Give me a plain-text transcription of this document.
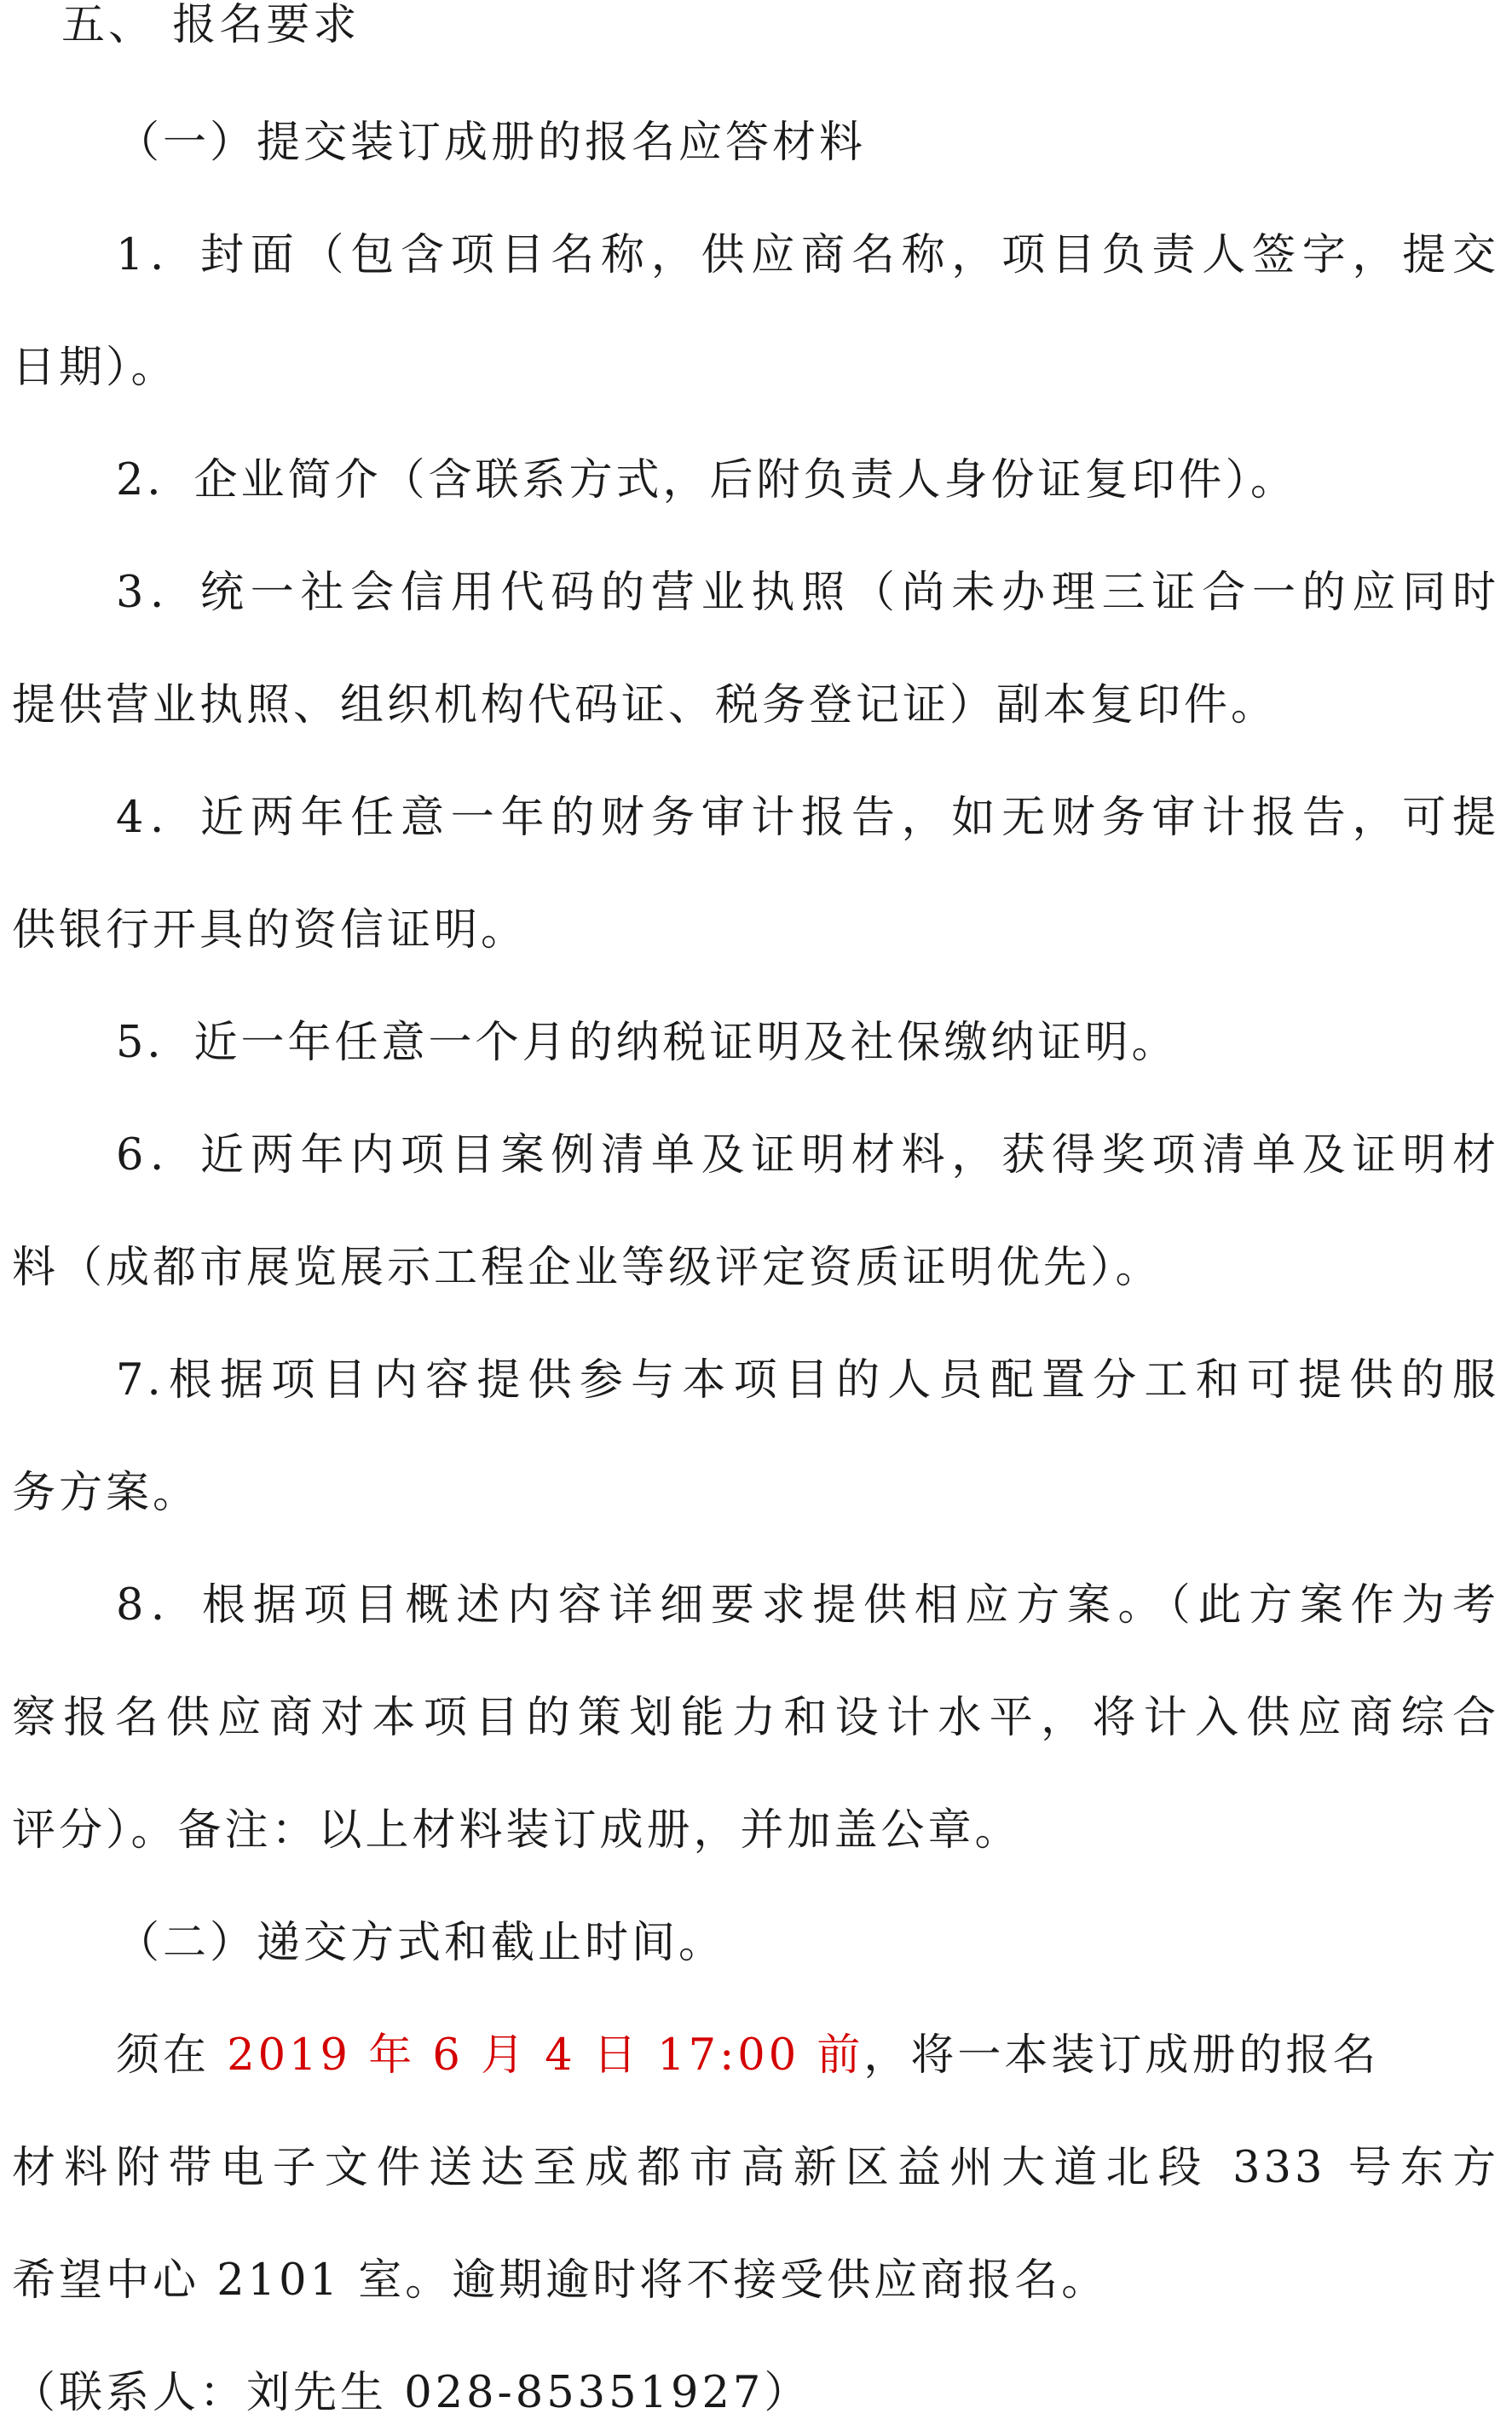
五、 报名要求
（一）提交装订成册的报名应答材料
1．封面（包含项目名称，供应商名称，项目负责人签字，提交
日期）。
2．企业简介（含联系方式，后附负责人身份证复印件）。
3．统一社会信用代码的营业执照（尚未办理三证合一的应同时
提供营业执照、组织机构代码证、税务登记证）副本复印件。
4．近两年任意一年的财务审计报告，如无财务审计报告，可提
供银行开具的资信证明。
5．近一年任意一个月的纳税证明及社保缴纳证明。
6．近两年内项目案例清单及证明材料，获得奖项清单及证明材
料（成都市展览展示工程企业等级评定资质证明优先）。
7.根据项目内容提供参与本项目的人员配置分工和可提供的服
务方案。
8．根据项目概述内容详细要求提供相应方案。（此方案作为考
察报名供应商对本项目的策划能力和设计水平，将计入供应商综合
评分）。备注：以上材料装订成册，并加盖公章。
（二）递交方式和截止时间。
须在 2019 年 6 月 4 日 17:00 前，将一本装订成册的报名
材料附带电子文件送达至成都市高新区益州大道北段 333 号东方
希望中心 2101 室。逾期逾时将不接受供应商报名。
（联系人：刘先生 028-85351927）
